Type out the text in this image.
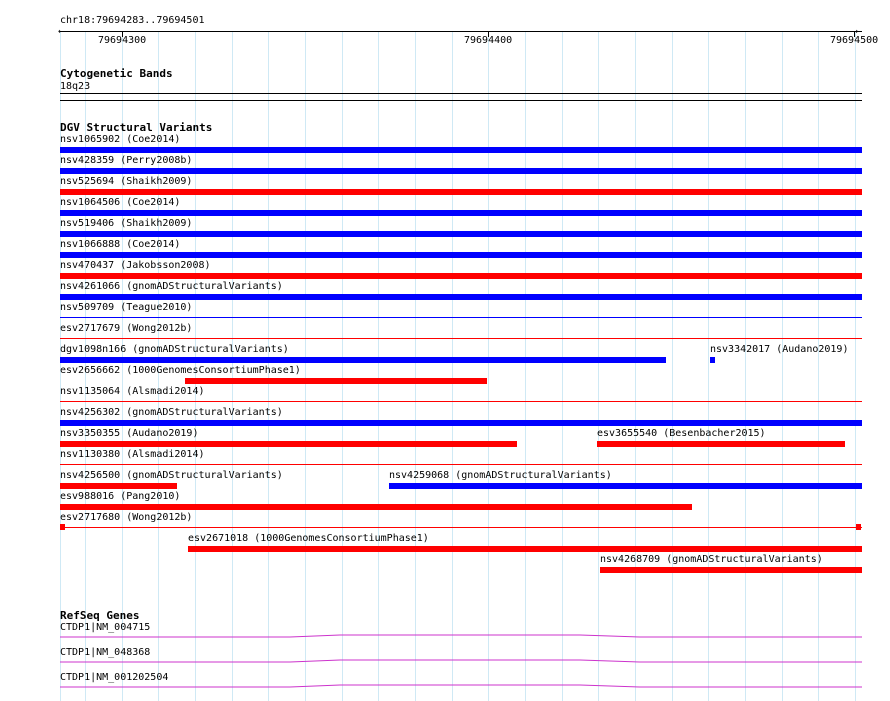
chr18:79694283..79694501
←	→
79694300	79694400	79694500
Cytogenetic Bands
18q23
DGV Structural Variants
nsv1065902 (Coe2014)
nsv428359 (Perry2008b)
nsv525694 (Shaikh2009)
nsv1064506 (Coe2014)
nsv519406 (Shaikh2009)
nsv1066888 (Coe2014)
nsv470437 (Jakobsson2008)
nsv4261066 (gnomADStructuralVariants)
nsv509709 (Teague2010)
esv2717679 (Wong2012b)
dgv1098n166 (gnomADStructuralVariants)	nsv3342017 (Audano2019)
esv2656662 (1000GenomesConsortiumPhase1)
nsv1135064 (Alsmadi2014)
nsv4256302 (gnomADStructuralVariants)
nsv3350355 (Audano2019)	esv3655540 (Besenbacher2015)
nsv1130380 (Alsmadi2014)
nsv4256500 (gnomADStructuralVariants)	nsv4259068 (gnomADStructuralVariants)
esv988016 (Pang2010)
esv2717680 (Wong2012b)
esv2671018 (1000GenomesConsortiumPhase1)
nsv4268709 (gnomADStructuralVariants)
RefSeq Genes
CTDP1|NM_004715
CTDP1|NM_048368
CTDP1|NM_001202504
